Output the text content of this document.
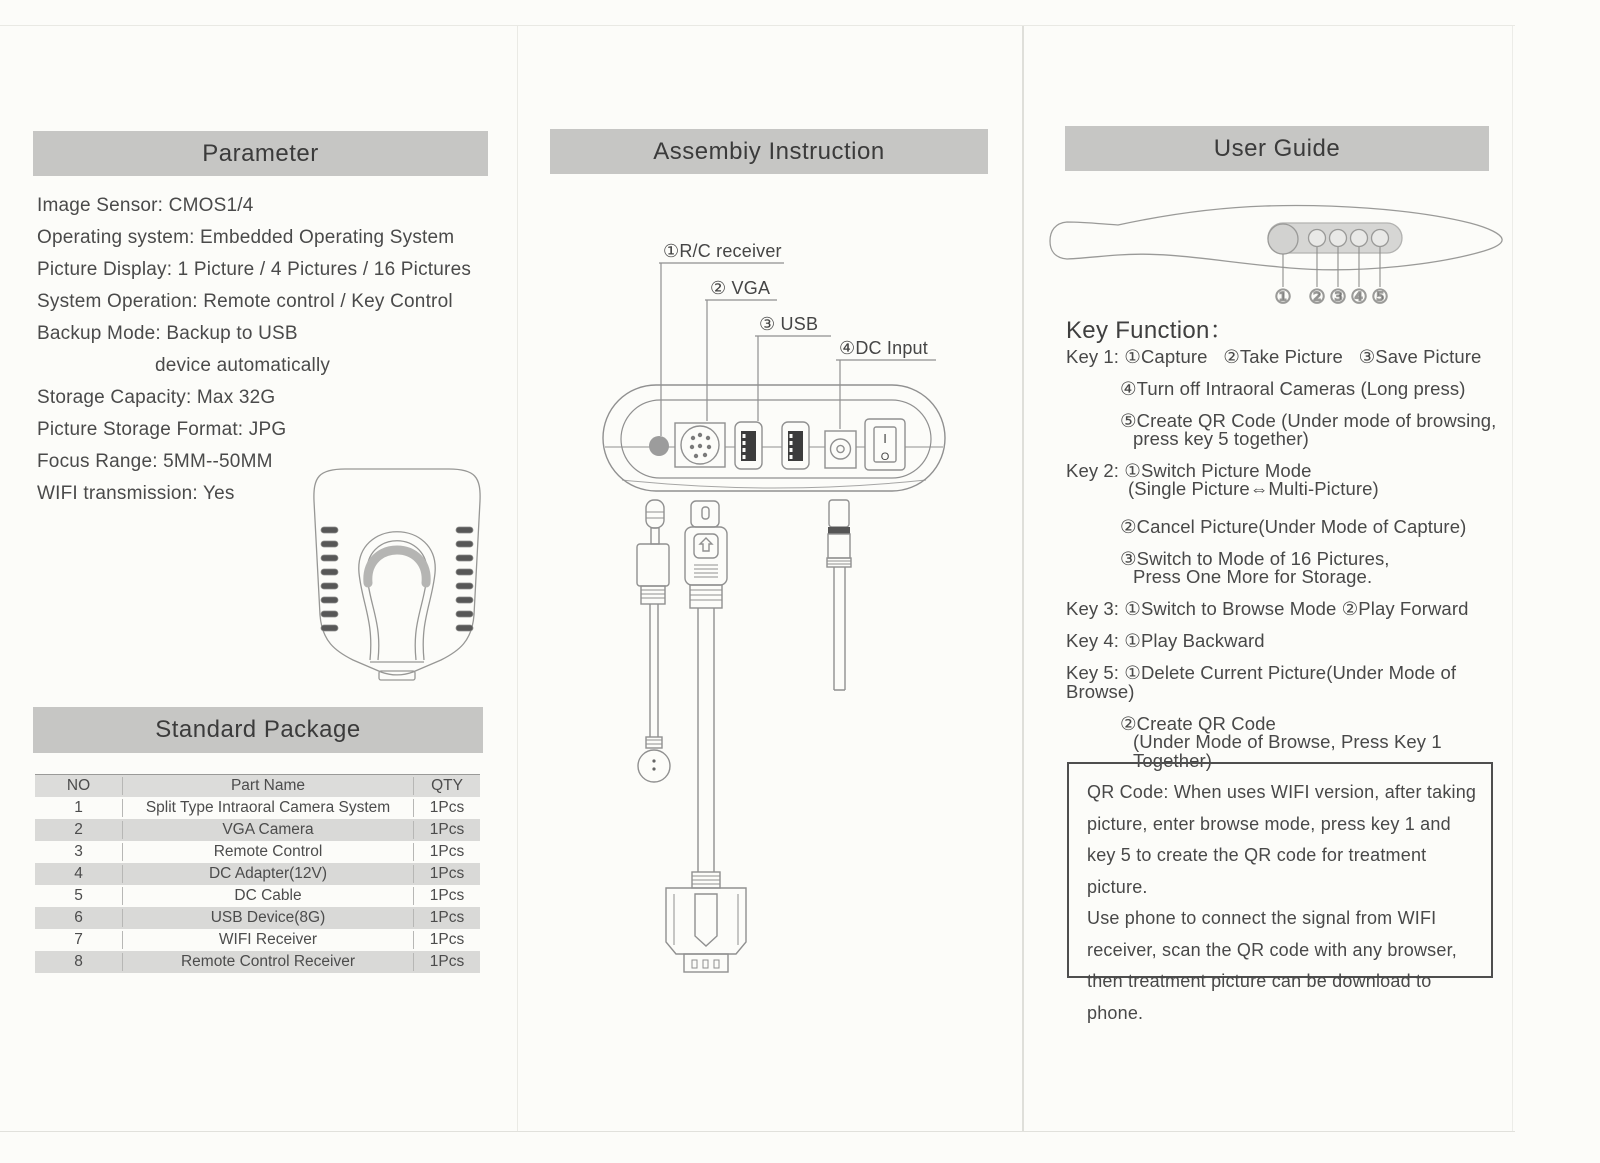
Parameter
Image Sensor: CMOS1/4
Operating system: Embedded Operating System
Picture Display: 1 Picture / 4 Pictures / 16 Pictures
System Operation: Remote control / Key Control
Backup Mode: Backup to USB
device automatically
Storage Capacity: Max 32G
Picture Storage Format: JPG
Focus Range: 5MM--50MM
WIFI transmission: Yes
Standard Package
NO	Part Name	QTY
1	Split Type Intraoral Camera System	1Pcs
2	VGA Camera	1Pcs
3	Remote Control	1Pcs
4	DC Adapter(12V)	1Pcs
5	DC Cable	1Pcs
6	USB Device(8G)	1Pcs
7	WIFI Receiver	1Pcs
8	Remote Control Receiver	1Pcs
Assembiy Instruction
①R/C receiver
② VGA
③ USB
④DC Input
I
O
User Guide
① ② ③ ④ ⑤
Key Function：
Key 1: ①Capture   ②Take Picture   ③Save Picture
④Turn off Intraoral Cameras (Long press)
⑤Create QR Code (Under mode of browsing,
press key 5 together)
Key 2: ①Switch Picture Mode
(Single Picture⇔Multi-Picture)
②Cancel Picture(Under Mode of Capture)
③Switch to Mode of 16 Pictures,
Press One More for Storage.
Key 3: ①Switch to Browse Mode ②Play Forward
Key 4: ①Play Backward
Key 5: ①Delete Current Picture(Under Mode of Browse)
②Create QR Code
(Under Mode of Browse, Press Key 1 Together)
QR Code: When uses WIFI version, after taking
picture, enter browse mode, press key 1 and
key 5 to create the QR code for treatment picture.
Use phone to connect the signal from WIFI
receiver, scan the QR code with any browser,
then treatment picture can be download to phone.
